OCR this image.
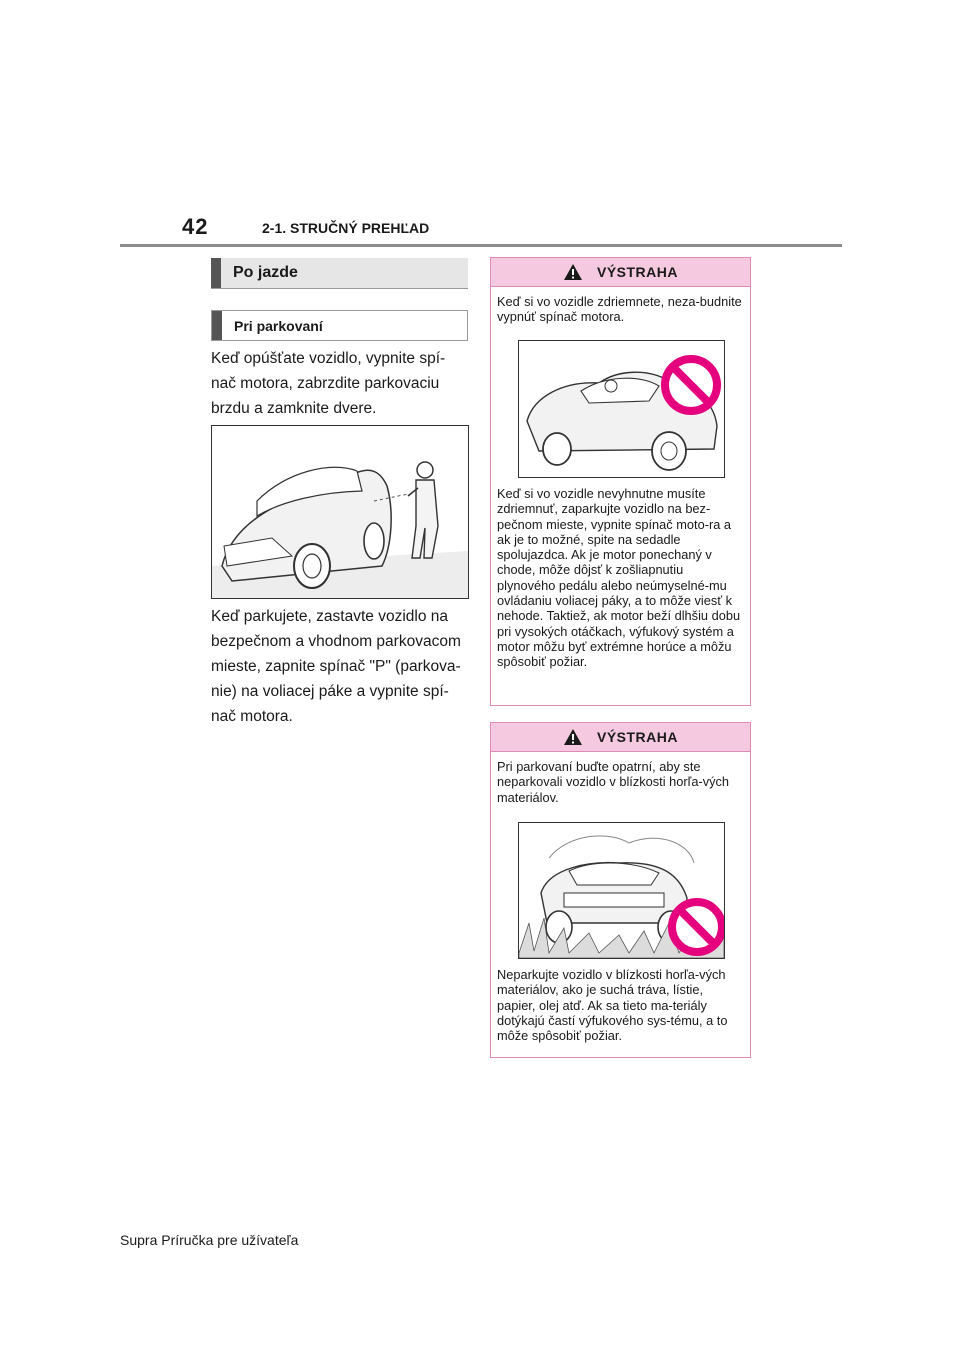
42	2-1. STRUČNÝ PREHĽAD
Po jazde
Pri parkovaní

Keď opúšťate vozidlo, vypnite spí-nač motora, zabrzdite parkovaciu brzdu a zamknite dvere.

Keď parkujete, zastavte vozidlo na bezpečnom a vhodnom parkovacom mieste, zapnite spínač "P" (parkova-nie) na voliacej páke a vypnite spí-nač motora.

VÝSTRAHA

Keď si vo vozidle zdriemnete, neza-budnite vypnúť spínač motora.

Keď si vo vozidle nevyhnutne musíte zdriemnuť, zaparkujte vozidlo na bez-pečnom mieste, vypnite spínač moto-ra a ak je to možné, spite na sedadle spolujazdca. Ak je motor ponechaný v chode, môže dôjsť k zošliapnutiu plynového pedálu alebo neúmyselné-mu ovládaniu voliacej páky, a to môže viesť k nehode. Taktiež, ak motor beží dlhšiu dobu pri vysokých otáčkach, výfukový systém a motor môžu byť extrémne horúce a môžu spôsobiť požiar.

VÝSTRAHA

Pri parkovaní buďte opatrní, aby ste neparkovali vozidlo v blízkosti horľa-vých materiálov.

Neparkujte vozidlo v blízkosti horľa-vých materiálov, ako je suchá tráva, lístie, papier, olej atď. Ak sa tieto ma-teriály dotýkajú častí výfukového sys-tému, a to môže spôsobiť požiar.

Supra Príručka pre užívateľa
